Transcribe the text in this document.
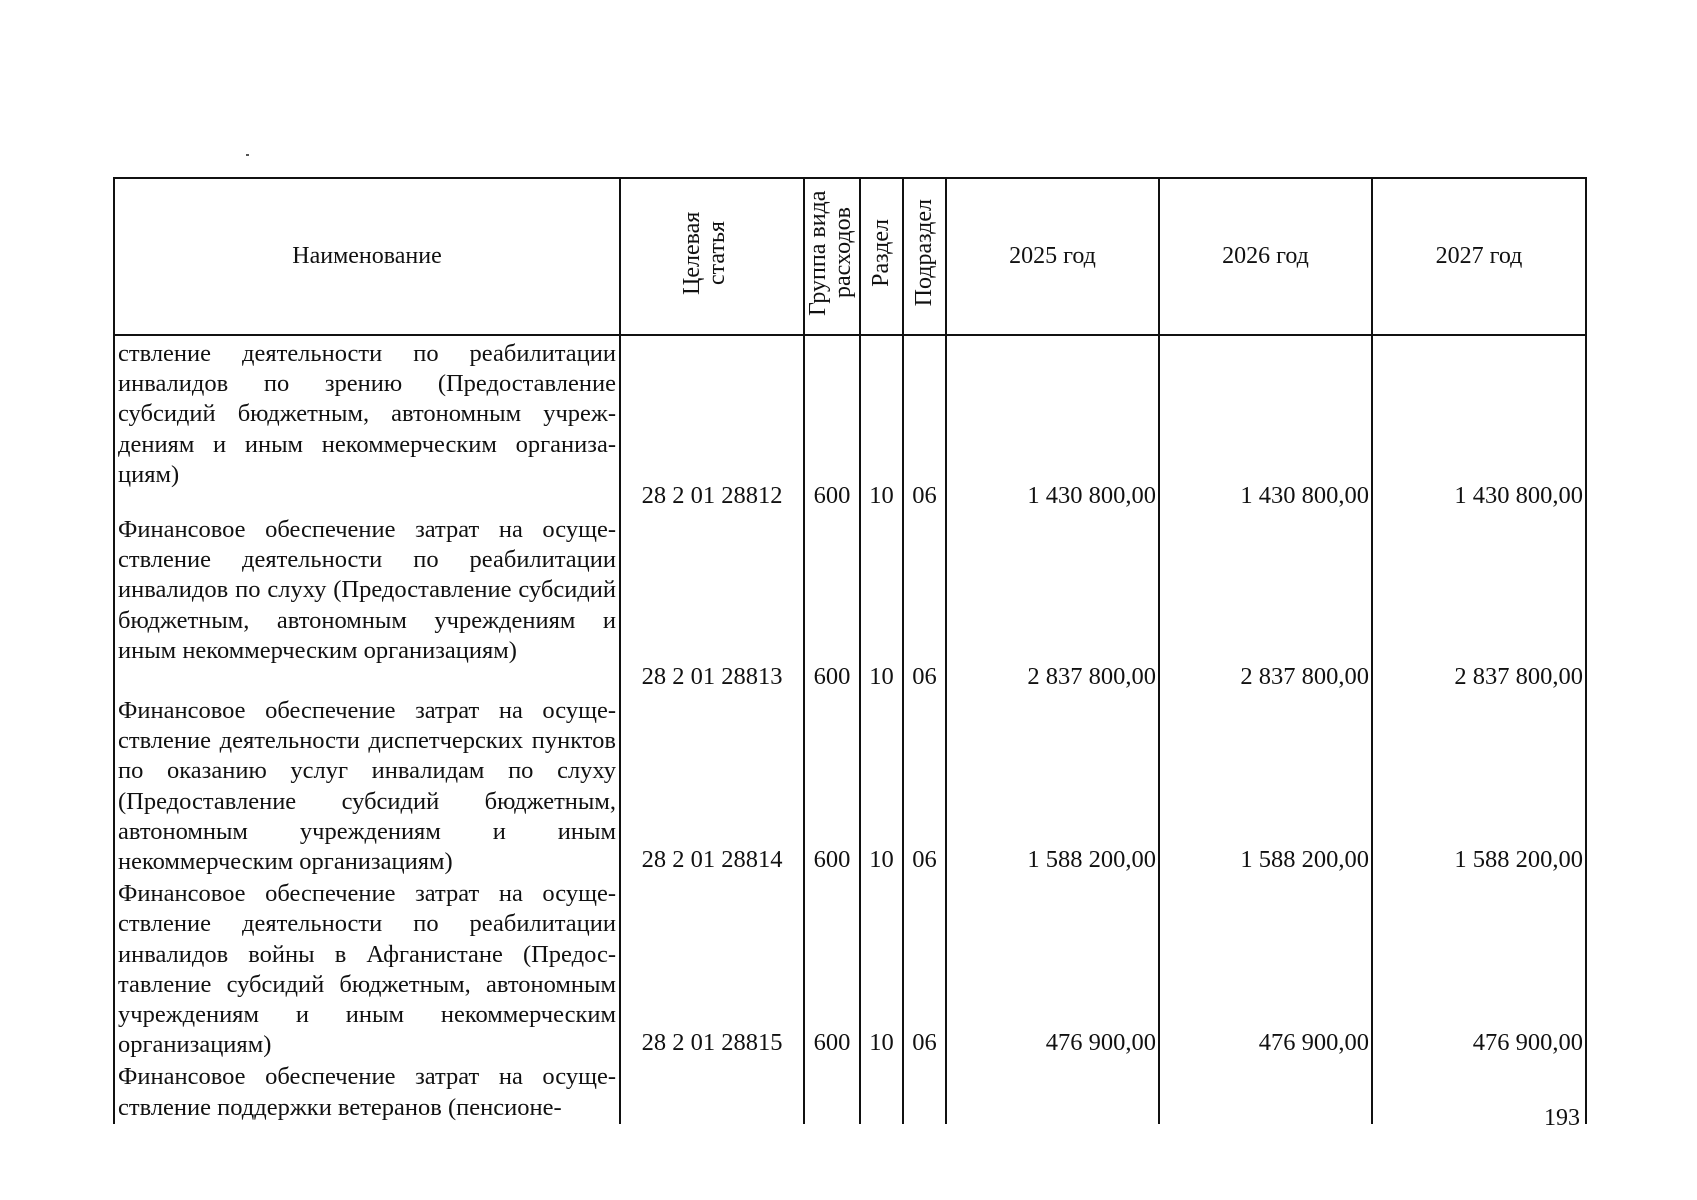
Наименование	Целевая статья	Группа вида расходов	Раздел	Подраздел	2025 год	2026 год	2027 год
ствление деятельности по реабилитации инвалидов по зрению (Предоставление субсидий бюджетным, автономным учреждениям и иным некоммерческим организациям)	28 2 01 28812	600	10	06	1 430 800,00	1 430 800,00	1 430 800,00
Финансовое обеспечение затрат на осуществление деятельности по реабилитации инвалидов по слуху (Предоставление субсидий бюджетным, автономным учреждениям и иным некоммерческим организациям)	28 2 01 28813	600	10	06	2 837 800,00	2 837 800,00	2 837 800,00
Финансовое обеспечение затрат на осуществление деятельности диспетчерских пунктов по оказанию услуг инвалидам по слуху (Предоставление субсидий бюджетным, автономным учреждениям и иным некоммерческим организациям)	28 2 01 28814	600	10	06	1 588 200,00	1 588 200,00	1 588 200,00
Финансовое обеспечение затрат на осуществление деятельности по реабилитации инвалидов войны в Афганистане (Предоставление субсидий бюджетным, автономным учреждениям и иным некоммерческим организациям)	28 2 01 28815	600	10	06	476 900,00	476 900,00	476 900,00
Финансовое обеспечение затрат на осуществление поддержки ветеранов (пенсионе-								193
